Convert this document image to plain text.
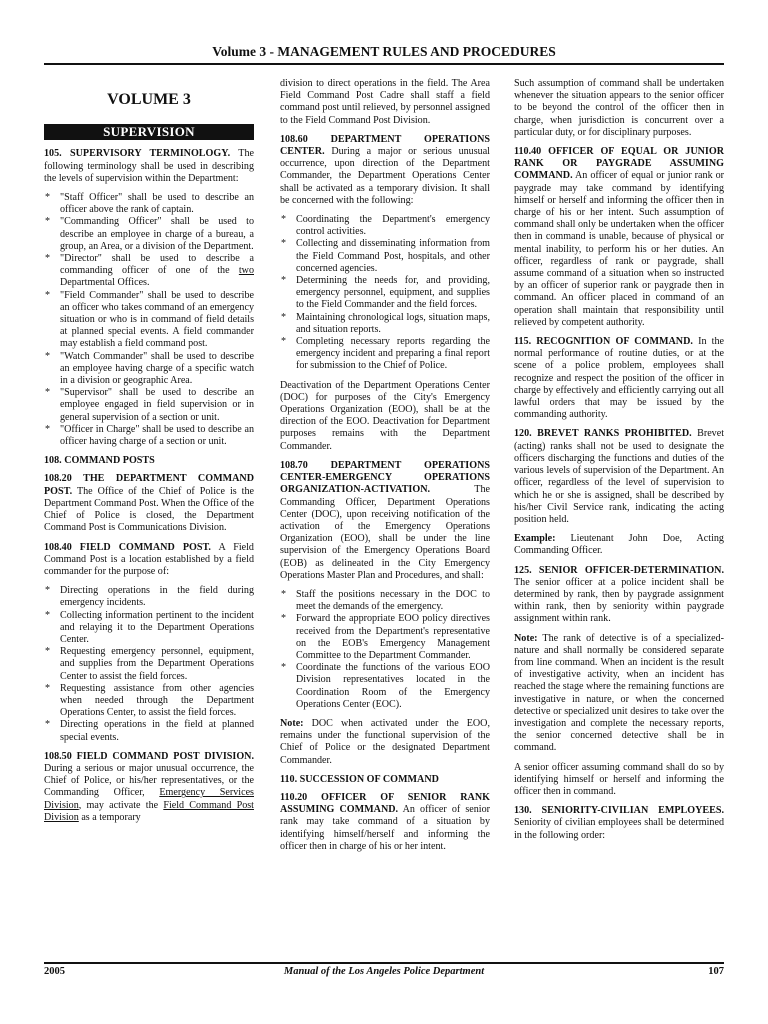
Volume 3 - MANAGEMENT RULES AND PROCEDURES
VOLUME 3
SUPERVISION

105. SUPERVISORY TERMINOLOGY. The following terminology shall be used in describing the levels of supervision within the Department:

* "Staff Officer" shall be used to describe an officer above the rank of captain.
* "Commanding Officer" shall be used to describe an employee in charge of a bureau, a group, an Area, or a division of the Department.
* "Director" shall be used to describe a commanding officer of one of the two Departmental Offices.
* "Field Commander" shall be used to describe an officer who takes command of an emergency situation or who is in command of field details at planned special events. A field commander may establish a field command post.
* "Watch Commander" shall be used to describe an employee having charge of a specific watch in a division or geographic Area.
* "Supervisor" shall be used to describe an employee engaged in field supervision or in general supervision of a section or unit.
* "Officer in Charge" shall be used to describe an officer having charge of a section or unit.
108. COMMAND POSTS

108.20 THE DEPARTMENT COMMAND POST. The Office of the Chief of Police is the Department Command Post. When the Office of the Chief of Police is closed, the Department Command Post is Communications Division.

108.40 FIELD COMMAND POST. A Field Command Post is a location established by a field commander for the purpose of:

* Directing operations in the field during emergency incidents.
* Collecting information pertinent to the incident and relaying it to the Department Operations Center.
* Requesting emergency personnel, equipment, and supplies from the Department Operations Center to assist the field forces.
* Requesting assistance from other agencies when needed through the Department Operations Center, to assist the field forces.
* Directing operations in the field at planned special events.

108.50 FIELD COMMAND POST DIVISION. During a serious or major unusual occurrence, the Chief of Police, or his/her representatives, or the Commanding Officer, Emergency Services Division, may activate the Field Command Post Division as a temporary

division to direct operations in the field. The Area Field Command Post Cadre shall staff a field command post until relieved, by personnel assigned to the Field Command Post Division.

108.60 DEPARTMENT OPERATIONS CENTER. During a major or serious unusual occurrence, upon direction of the Department Commander, the Department Operations Center shall be activated as a temporary division. It shall be concerned with the following:

* Coordinating the Department's emergency control activities.
* Collecting and disseminating information from the Field Command Post, hospitals, and other concerned agencies.
* Determining the needs for, and providing, emergency personnel, equipment, and supplies to the Field Commander and the field forces.
* Maintaining chronological logs, situation maps, and situation reports.
* Completing necessary reports regarding the emergency incident and preparing a final report for submission to the Chief of Police.

Deactivation of the Department Operations Center (DOC) for purposes of the City's Emergency Operations Organization (EOO), shall be at the direction of the EOO. Deactivation for Department purposes remains with the Department Commander.

108.70 DEPARTMENT OPERATIONS CENTER-EMERGENCY OPERATIONS ORGANIZATION-ACTIVATION.	The Commanding Officer, Department Operations Center (DOC), upon receiving notification of the activation of the Emergency Operations Organization (EOO), shall be under the line supervision of the Emergency Operations Board (EOB) as delineated in the City Emergency Operations Master Plan and Procedures, and shall:

* Staff the positions necessary in the DOC to meet the demands of the emergency.
* Forward the appropriate EOO policy directives received from the Department's representative on the EOB's Emergency Management Committee to the Department Commander.
* Coordinate the functions of the various EOO Division representatives located in the Coordination Room of the Emergency Operations Center (EOC).

Note: DOC when activated under the EOO, remains under the functional supervision of the Chief of Police or the designated Department Commander.

110. SUCCESSION OF COMMAND

110.20 OFFICER OF SENIOR RANK ASSUMING COMMAND. An officer of senior rank may take command of a situation by identifying himself/herself and informing the officer then in charge of his or her intent.

Such assumption of command shall be undertaken whenever the situation appears to the senior officer to be beyond the control of the officer then in charge, when jurisdiction is concurrent over a particular duty, or for disciplinary purposes.

110.40 OFFICER OF EQUAL OR JUNIOR RANK OR PAYGRADE ASSUMING COMMAND. An officer of equal or junior rank or paygrade may take command by identifying himself or herself and informing the officer then in charge of his or her intent. Such assumption of command shall only be undertaken when the officer then in command is unable, because of physical or mental inability, to perform his or her duties. An officer, regardless of rank or paygrade, shall assume command of a situation when so instructed by an officer of superior rank or paygrade then in command. An officer placed in command of an operation shall maintain that responsibility until relieved by competent authority.

115. RECOGNITION OF COMMAND. In the normal performance of routine duties, or at the scene of a police problem, employees shall recognize and respect the position of the officer in charge by effectively and efficiently carrying out all lawful orders that may be issued by the commanding authority.

120. BREVET RANKS PROHIBITED. Brevet (acting) ranks shall not be used to designate the officers discharging the functions and duties of the various levels of supervision of the Department. An officer, regardless of the level of supervision to which he or she is assigned, shall be described by his/her Civil Service rank, indicating the acting position held.

Example: Lieutenant John Doe, Acting Commanding Officer.

125. SENIOR OFFICER-DETERMINATION. The senior officer at a police incident shall be determined by rank, then by paygrade assignment within rank, then by seniority within paygrade assignment within rank.

Note: The rank of detective is of a specialized-nature and shall normally be considered separate from line command. When an incident is the result of investigative activity, when an incident has reached the stage where the remaining functions are investigative in nature, or when the concerned detective or specialized unit desires to take over the investigation and complete the necessary reports, the senior concerned detective shall be in command.

A senior officer assuming command shall do so by identifying himself or herself and informing the officer then in command.

130. SENIORITY-CIVILIAN EMPLOYEES. Seniority of civilian employees shall be determined in the following order:

2005	Manual of the Los Angeles Police Department	107
